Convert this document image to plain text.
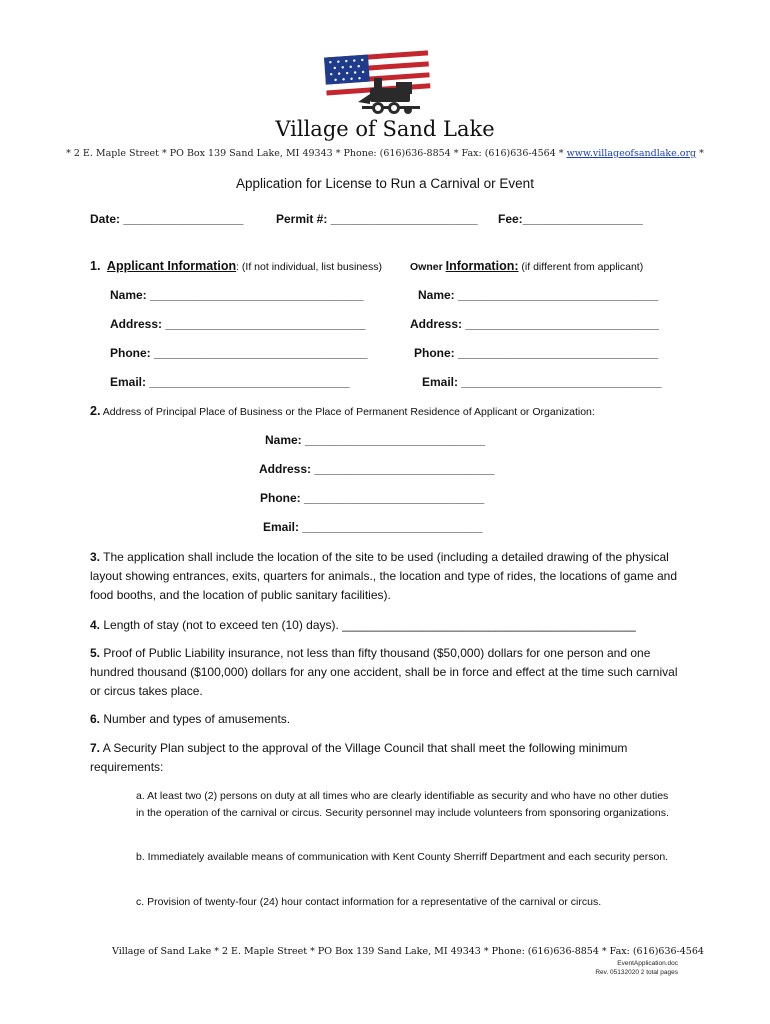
Village of Sand Lake
* 2 E. Maple Street * PO Box 139 Sand Lake, MI 49343 * Phone: (616)636-8854 * Fax: (616)636-4564 * www.villageofsandlake.org *
Application for License to Run a Carnival or Event
Date: __________________	Permit #: ______________________ Fee:__________________
1. Applicant Information: (If not individual, list business)	Owner Information: (if different from applicant)
Name: ________________________________
Address: ______________________________
Phone: ________________________________
Email: ______________________________
Name: ______________________________
Address: _____________________________
Phone: ______________________________
Email: ______________________________
2. Address of Principal Place of Business or the Place of Permanent Residence of Applicant or Organization:
Name: ___________________________
Address: ___________________________
Phone: ___________________________
Email: ___________________________
3. The application shall include the location of the site to be used (including a detailed drawing of the physical layout showing entrances, exits, quarters for animals., the location and type of rides, the locations of game and food booths, and the location of public sanitary facilities).
4. Length of stay (not to exceed ten (10) days). ____________________________________________
5. Proof of Public Liability insurance, not less than fifty thousand ($50,000) dollars for one person and one hundred thousand ($100,000) dollars for any one accident, shall be in force and effect at the time such carnival or circus takes place.
6. Number and types of amusements.
7. A Security Plan subject to the approval of the Village Council that shall meet the following minimum requirements:
a. At least two (2) persons on duty at all times who are clearly identifiable as security and who have no other duties in the operation of the carnival or circus. Security personnel may include volunteers from sponsoring organizations.
b. Immediately available means of communication with Kent County Sherriff Department and each security person.
c. Provision of twenty-four (24) hour contact information for a representative of the carnival or circus.
Village of Sand Lake * 2 E. Maple Street * PO Box 139 Sand Lake, MI 49343 * Phone: (616)636-8854 * Fax: (616)636-4564
EventApplication.doc
Rev. 05132020 2 total pages
